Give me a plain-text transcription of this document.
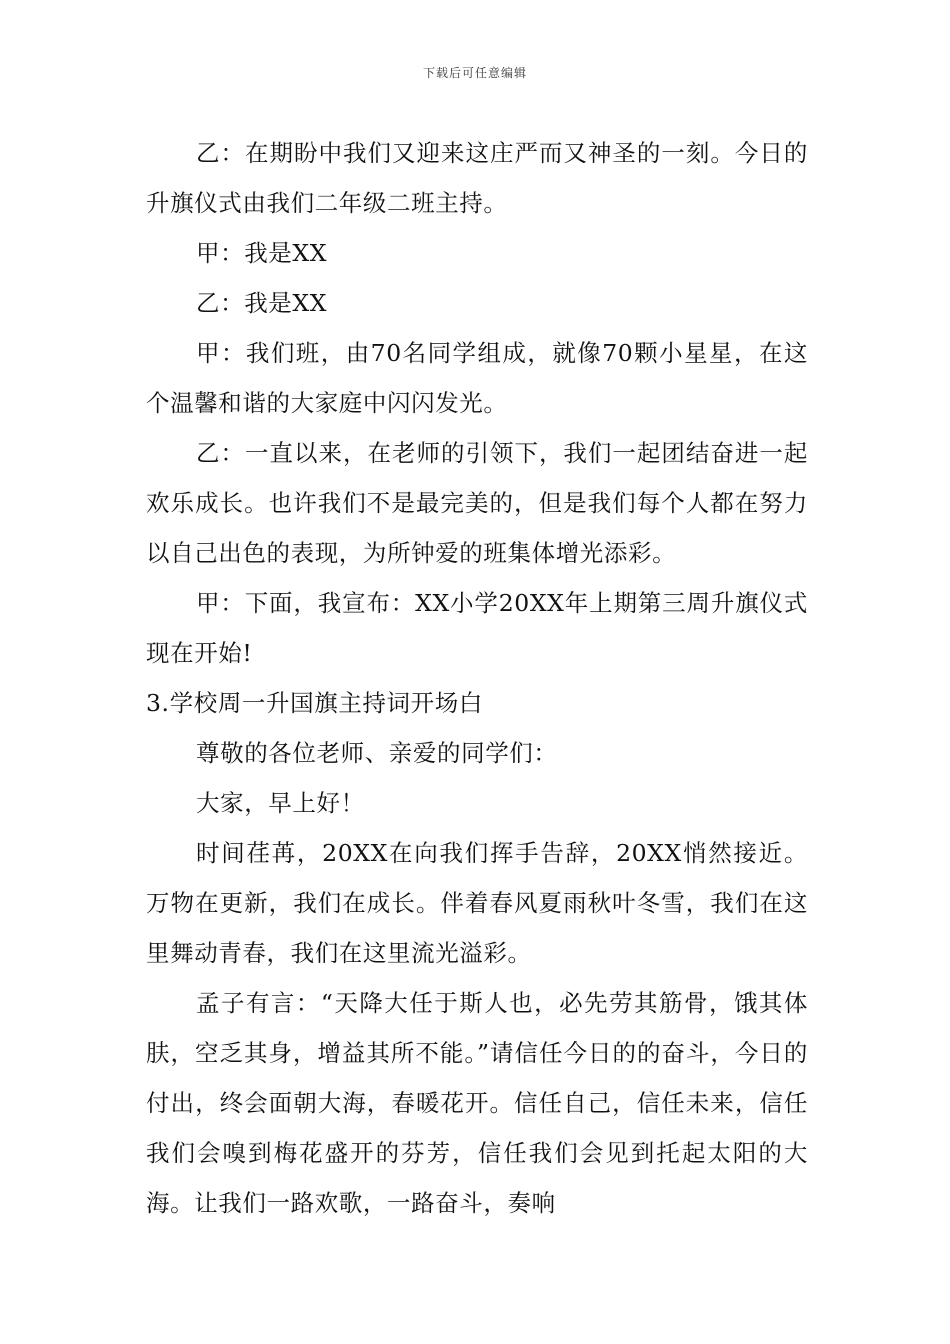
下载后可任意编辑

乙：在期盼中我们又迎来这庄严而又神圣的一刻。今日的升旗仪式由我们二年级二班主持。

甲：我是XX

乙：我是XX

甲：我们班，由70名同学组成，就像70颗小星星，在这个温馨和谐的大家庭中闪闪发光。

乙：一直以来，在老师的引领下，我们一起团结奋进一起欢乐成长。也许我们不是最完美的，但是我们每个人都在努力以自己出色的表现，为所钟爱的班集体增光添彩。

甲：下面，我宣布：XX小学20XX年上期第三周升旗仪式现在开始!

3.学校周一升国旗主持词开场白

尊敬的各位老师、亲爱的同学们：

大家，早上好！

时间荏苒，20XX在向我们挥手告辞，20XX悄然接近。万物在更新，我们在成长。伴着春风夏雨秋叶冬雪，我们在这里舞动青春，我们在这里流光溢彩。

孟子有言：“天降大任于斯人也，必先劳其筋骨，饿其体肤，空乏其身，增益其所不能。”请信任今日的的奋斗，今日的付出，终会面朝大海，春暖花开。信任自己，信任未来，信任我们会嗅到梅花盛开的芬芳，信任我们会见到托起太阳的大海。让我们一路欢歌，一路奋斗，奏响
